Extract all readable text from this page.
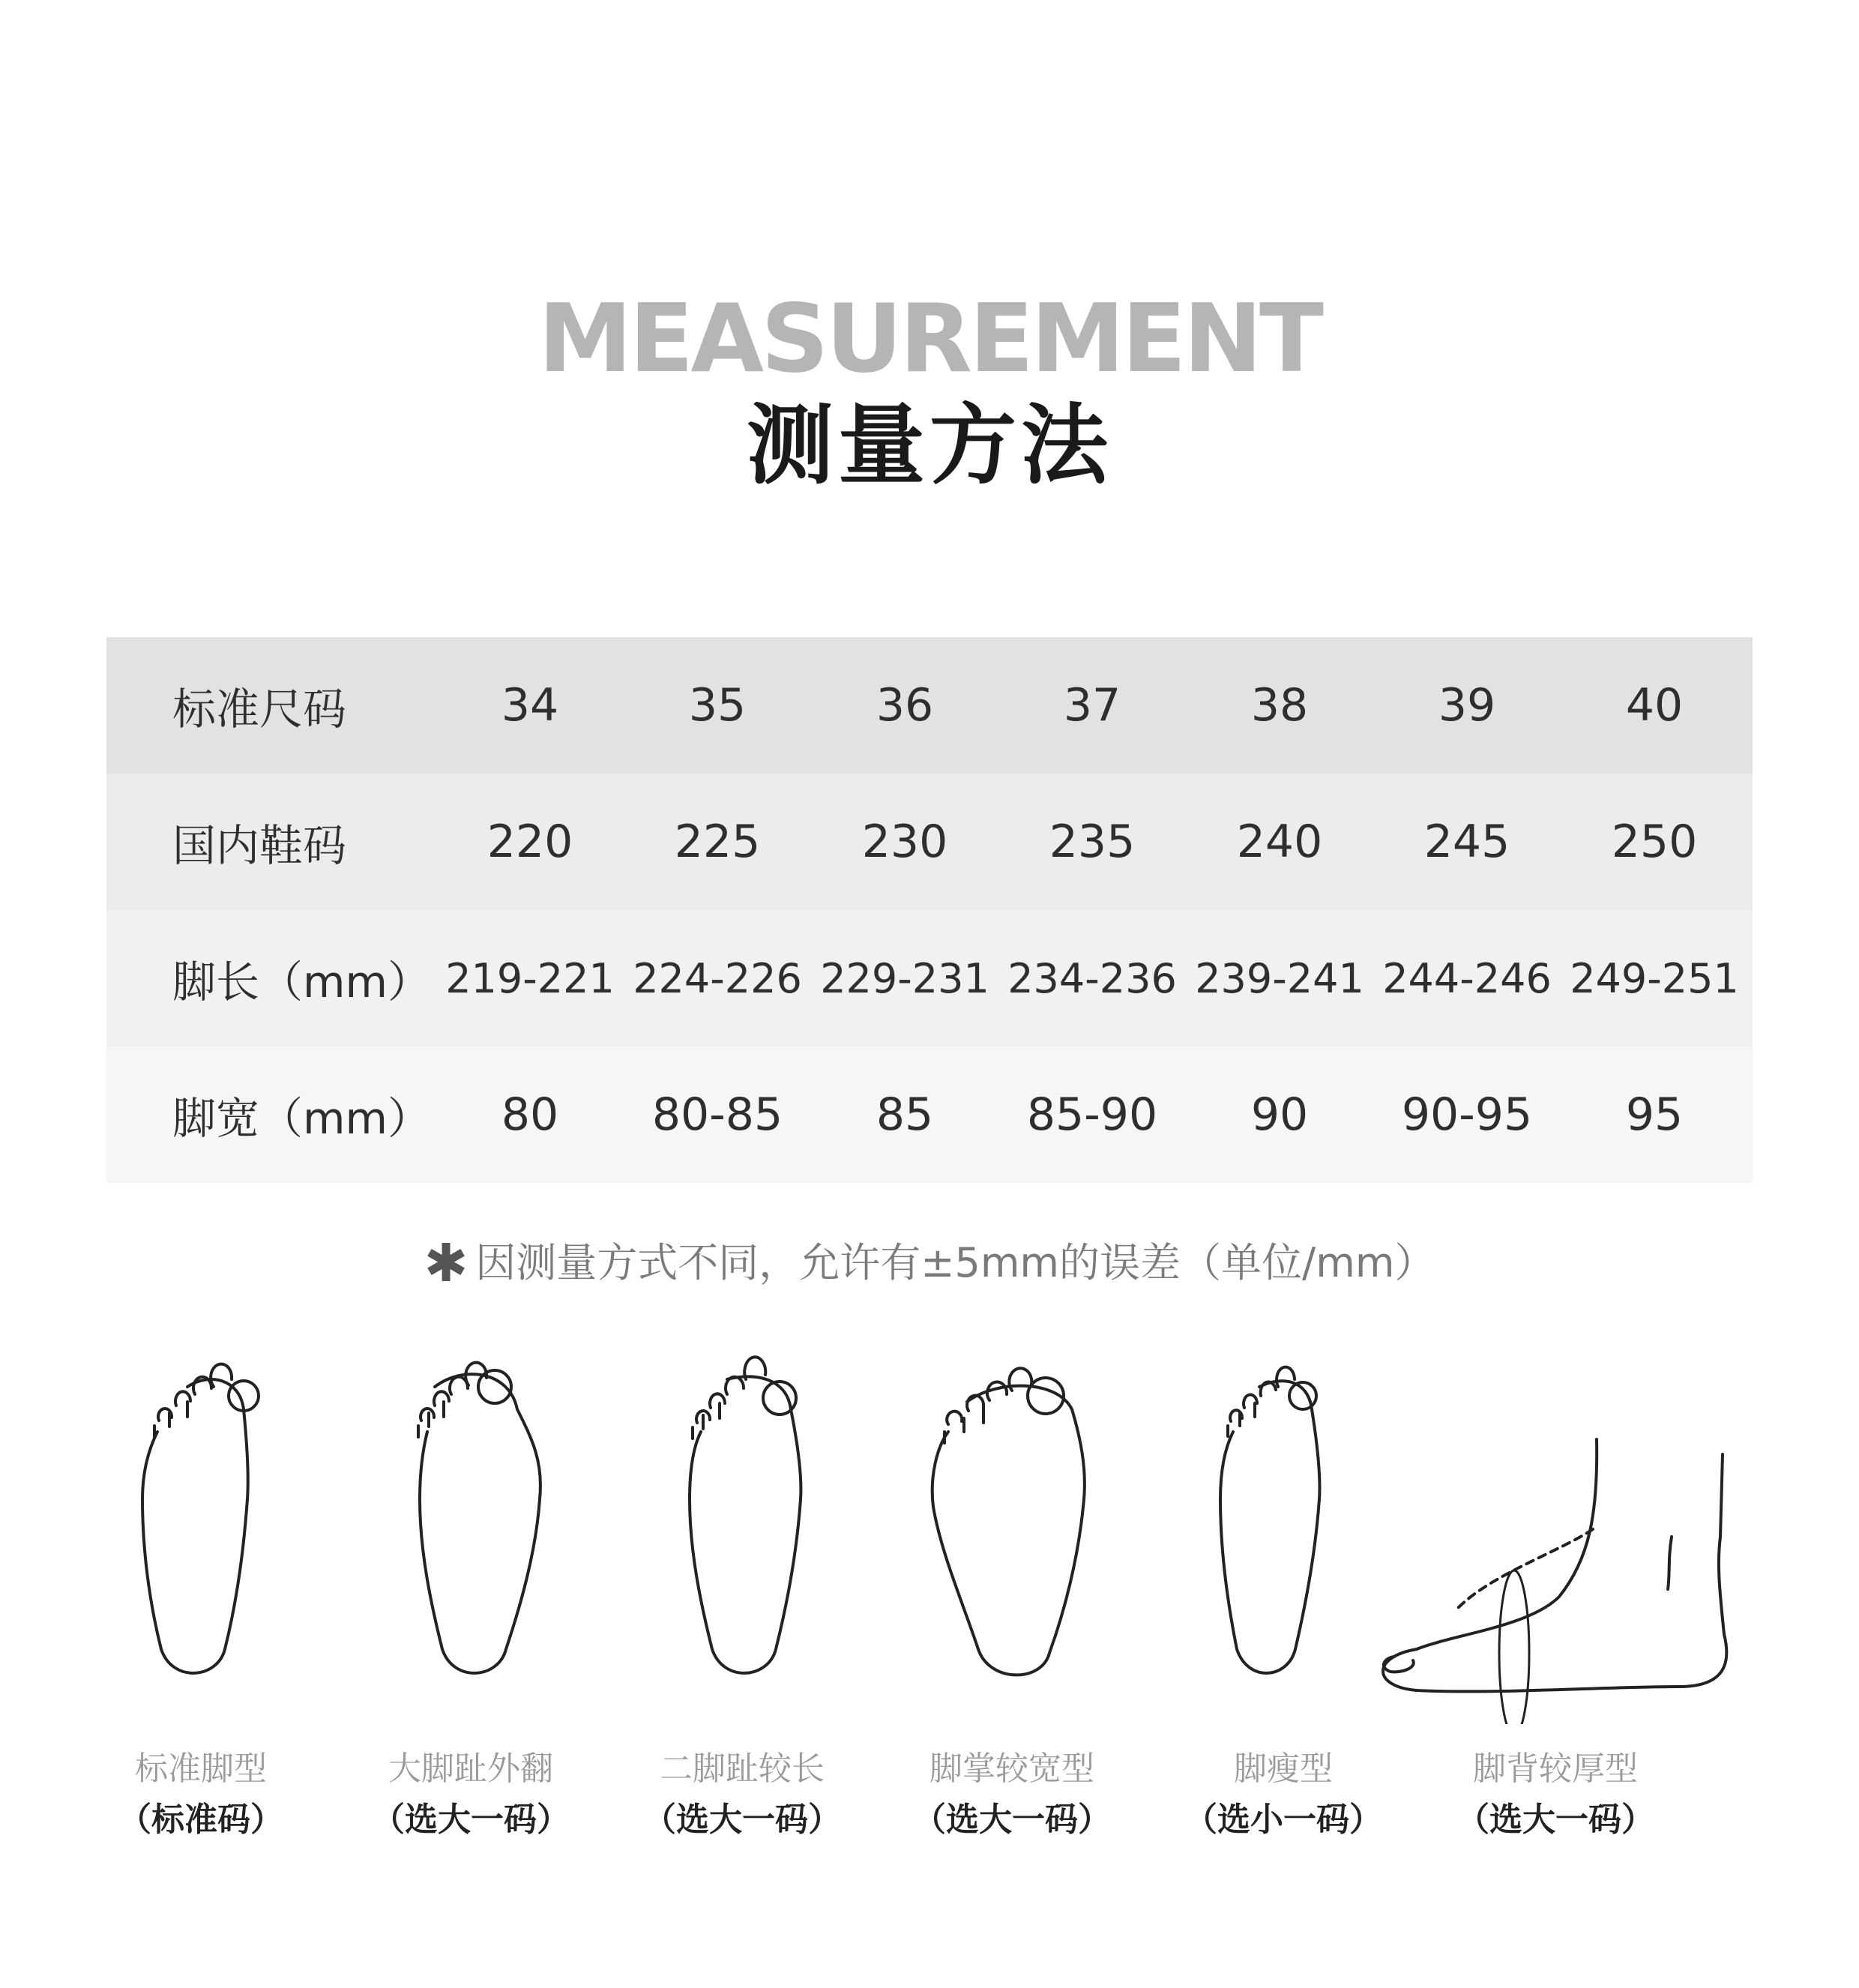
MEASUREMENT
测量方法
标准尺码	34	35	36	37	38	39	40
国内鞋码	220	225	230	235	240	245	250
脚长（mm） 219-221 224-226 229-231 234-236 239-241 244-246 249-251
脚宽（mm）	80	80-85	85	85-90	90	90-95	95
✱ 因测量方式不同，允许有±5mm的误差（单位/mm）
标准脚型
（标准码）
大脚趾外翻
（选大一码）
二脚趾较长
（选大一码）
脚掌较宽型
（选大一码）
脚瘦型
（选小一码）
脚背较厚型
（选大一码）
